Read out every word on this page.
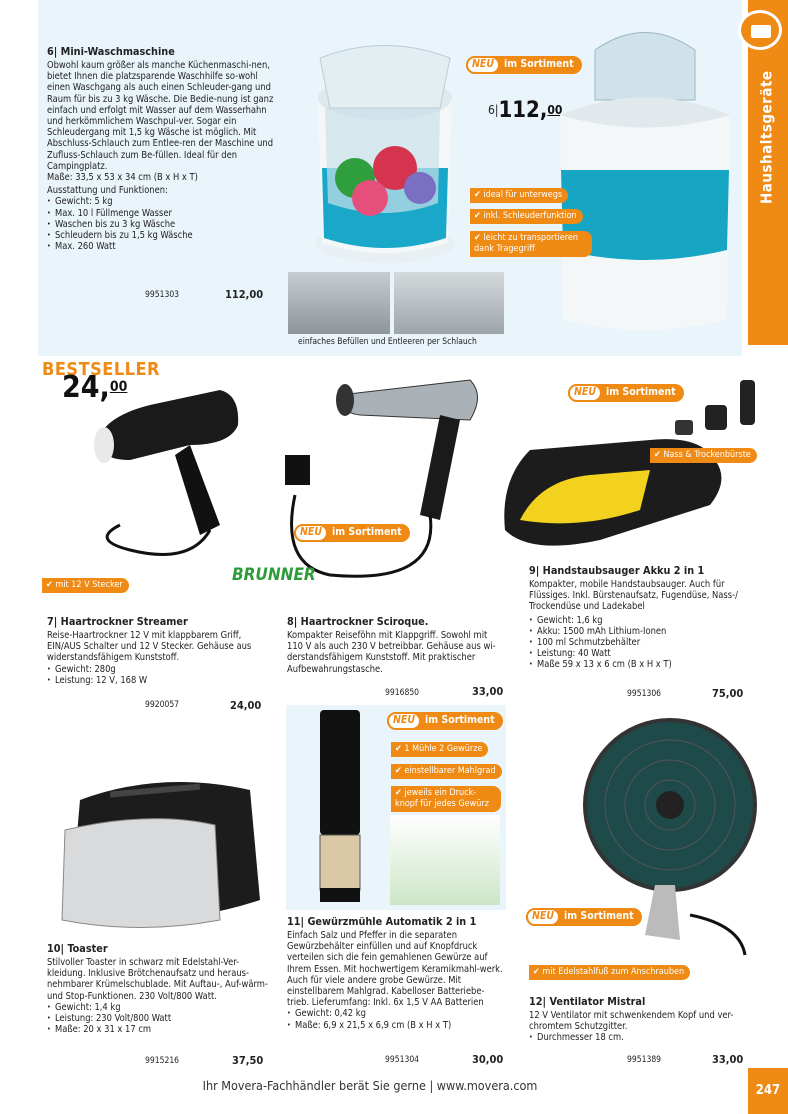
Haushaltsgeräte
247
Ihr Movera-Fachhändler berät Sie gerne | www.movera.com
6| Mini-Waschmaschine
Obwohl kaum größer als manche Küchenmaschi-nen, bietet Ihnen die platzsparende Waschhilfe so-wohl einen Waschgang als auch einen Schleuder-gang und Raum für bis zu 3 kg Wäsche. Die Bedie-nung ist ganz einfach und erfolgt mit Wasser auf dem Wasserhahn und herkömmlichem Waschpul-ver. Sogar ein Schleudergang mit 1,5 kg Wäsche ist möglich. Mit Abschluss-Schlauch zum Entlee-ren der Maschine und Zufluss-Schlauch zum Be-füllen. Ideal für den Campingplatz.
Maße: 33,5 x 53 x 34 cm (B x H x T)
Ausstattung und Funktionen:
• Gewicht: 5 kg
• Max. 10 l Füllmenge Wasser
• Waschen bis zu 3 kg Wäsche
• Schleudern bis zu 1,5 kg Wäsche
• Max. 260 Watt
9951303	112,00
NEU im Sortiment
6|112,00
✔ ideal für unterwegs
✔ inkl. Schleuderfunktion
✔ leicht zu transportieren dank Tragegriff
einfaches Befüllen und Entleeren per Schlauch
BESTSELLER
24,00
✔ mit 12 V Stecker
7| Haartrockner Streamer
Reise-Haartrockner 12 V mit klappbarem Griff, EIN/AUS Schalter und 12 V Stecker. Gehäuse aus widerstandsfähigem Kunststoff.
• Gewicht: 280g
• Leistung: 12 V, 168 W
9920057	24,00
BRUNNER
NEU im Sortiment
8| Haartrockner Sciroque.
Kompakter Reiseföhn mit Klappgriff. Sowohl mit 110 V als auch 230 V betreibbar. Gehäuse aus wi-derstandsfähigem Kunststoff. Mit praktischer Aufbewahrungstasche.
9916850	33,00
NEU im Sortiment
✔ Nass & Trockenbürste
9| Handstaubsauger Akku 2 in 1
Kompakter, mobile Handstaubsauger. Auch für Flüssiges. Inkl. Bürstenaufsatz, Fugendüse, Nass-/ Trockendüse und Ladekabel
• Gewicht: 1,6 kg
• Akku: 1500 mAh Lithium-Ionen
• 100 ml Schmutzbehälter
• Leistung: 40 Watt
• Maße 59 x 13 x 6 cm (B x H x T)
9951306	75,00
10| Toaster
Stilvoller Toaster in schwarz mit Edelstahl-Ver-kleidung. Inklusive Brötchenaufsatz und heraus-nehmbarer Krümelschublade. Mit Auftau-, Auf-wärm- und Stop-Funktionen. 230 Volt/800 Watt.
• Gewicht: 1,4 kg
• Leistung: 230 Volt/800 Watt
• Maße: 20 x 31 x 17 cm
9915216	37,50
NEU im Sortiment
✔ 1 Mühle 2 Gewürze
✔ einstellbarer Mahlgrad
✔ jeweils ein Druck-knopf für jedes Gewürz
11| Gewürzmühle Automatik 2 in 1
Einfach Salz und Pfeffer in die separaten Gewürzbehälter einfüllen und auf Knopfdruck verteilen sich die fein gemahlenen Gewürze auf Ihrem Essen. Mit hochwertigem Keramikmahl-werk. Auch für viele andere grobe Gewürze. Mit einstellbarem Mahlgrad. Kabelloser Batteriebe-trieb. Lieferumfang: Inkl. 6x 1,5 V AA Batterien
• Gewicht: 0,42 kg
• Maße: 6,9 x 21,5 x 6,9 cm (B x H x T)
9951304	30,00
NEU im Sortiment
✔ mit Edelstahlfuß zum Anschrauben
12| Ventilator Mistral
12 V Ventilator mit schwenkendem Kopf und ver-chromtem Schutzgitter.
• Durchmesser 18 cm.
9951389	33,00
